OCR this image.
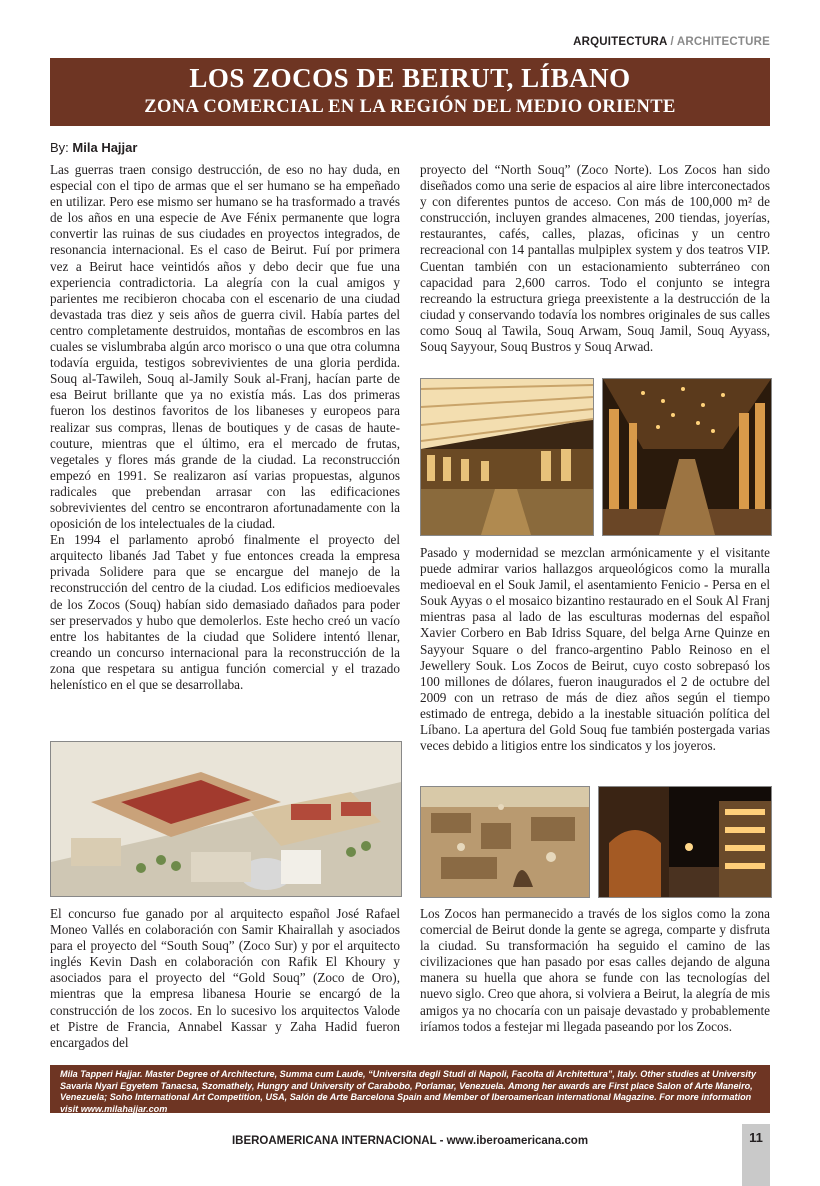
ARQUITECTURA / ARCHITECTURE
LOS ZOCOS DE BEIRUT, LÍBANO
ZONA COMERCIAL EN LA REGIÓN DEL MEDIO ORIENTE
By: Mila Hajjar

Las guerras traen consigo destrucción, de eso no hay duda, en especial con el tipo de armas que el ser humano se ha empeñado en utilizar. Pero ese mismo ser humano se ha trasformado a través de los años en una especie de Ave Fénix permanente que logra convertir las ruinas de sus ciudades en proyectos integrados, de resonancia internacional. Es el caso de Beirut. Fuí por primera vez a Beirut hace veintidós años y debo decir que fue una experiencia contradictoria. La alegría con la cual amigos y parientes me recibieron chocaba con el escenario de una ciudad devastada tras diez y seis años de guerra civil. Había partes del centro completamente destruidos, montañas de escombros en las cuales se vislumbraba algún arco morisco o una que otra columna todavía erguida, testigos sobrevivientes de una gloria perdida. Souq al-Tawileh, Souq al-Jamily Souk al-Franj, hacían parte de esa Beirut brillante que ya no existía más. Las dos primeras fueron los destinos favoritos de los libaneses y europeos para realizar sus compras, llenas de boutiques y de casas de haute-couture, mientras que el último, era el mercado de frutas, vegetales y flores más grande de la ciudad. La reconstrucción empezó en 1991. Se realizaron así varias propuestas, algunos radicales que prebendan arrasar con las edificaciones sobrevivientes del centro se encontraron afortunadamente con la oposición de los intelectuales de la ciudad.

En 1994 el parlamento aprobó finalmente el proyecto del arquitecto libanés Jad Tabet y fue entonces creada la empresa privada Solidere para que se encargue del manejo de la reconstrucción del centro de la ciudad. Los edificios medioevales de los Zocos (Souq) habían sido demasiado dañados para poder ser preservados y hubo que demolerlos. Este hecho creó un vacío entre los habitantes de la ciudad que Solidere intentó llenar, creando un concurso internacional para la reconstrucción de la zona que respetara su antigua función comercial y el trazado helenístico en el que se desarrollaba.

proyecto del “North Souq” (Zoco Norte). Los Zocos han sido diseñados como una serie de espacios al aire libre interconectados y con diferentes puntos de acceso. Con más de 100,000 m² de construcción, incluyen grandes almacenes, 200 tiendas, joyerías, restaurantes, cafés, calles, plazas, oficinas y un centro recreacional con 14 pantallas mulpiplex system y dos teatros VIP. Cuentan también con un estacionamiento subterráneo con capacidad para 2,600 carros. Todo el conjunto se integra recreando la estructura griega preexistente a la destrucción de la ciudad y conservando todavía los nombres originales de sus calles como Souq al Tawila, Souq Arwam, Souq Jamil, Souq Ayyass, Souq Sayyour, Souq Bustros y Souq Arwad.

Pasado y modernidad se mezclan armónicamente y el visitante puede admirar varios hallazgos arqueológicos como la muralla medioeval en el Souk Jamil, el asentamiento Fenicio - Persa en el Souk Ayyas o el mosaico bizantino restaurado en el Souk Al Franj mientras pasa al lado de las esculturas modernas del español Xavier Corbero en Bab Idriss Square, del belga Arne Quinze en Sayyour Square o del franco-argentino Pablo Reinoso en el Jewellery Souk. Los Zocos de Beirut, cuyo costo sobrepasó los 100 millones de dólares, fueron inaugurados el 2 de octubre del 2009 con un retraso de más de diez años según el tiempo estimado de entrega, debido a la inestable situación política del Líbano. La apertura del Gold Souq fue también postergada varias veces debido a litigios entre los sindicatos y los joyeros.

El concurso fue ganado por al arquitecto español José Rafael Moneo Vallés en colaboración con Samir Khairallah y asociados para el proyecto del “South Souq” (Zoco Sur) y por el arquitecto inglés Kevin Dash en colaboración con Rafik El Khoury y asociados para el proyecto del “Gold Souq” (Zoco de Oro), mientras que la empresa libanesa Hourie se encargó de la construcción de los zocos. En lo sucesivo los arquitectos Valode et Pistre de Francia, Annabel Kassar y Zaha Hadid fueron encargados del

Los Zocos han permanecido a través de los siglos como la zona comercial de Beirut donde la gente se agrega, comparte y disfruta la ciudad. Su transformación ha seguido el camino de las civilizaciones que han pasado por esas calles dejando de alguna manera su huella que ahora se funde con las tecnologías del nuevo siglo. Creo que ahora, si volviera a Beirut, la alegría de mis amigos ya no chocaría con un paisaje devastado y probablemente iríamos todos a festejar mi llegada paseando por los Zocos.

Mila Tapperi Hajjar. Master Degree of Architecture, Summa cum Laude, “Universita degli Studi di Napoli, Facolta di Architettura”, Italy. Other studies at University Savaria Nyari Egyetem Tanacsa, Szomathely, Hungry and University of Carabobo, Porlamar, Venezuela. Among her awards are First place Salon of Arte Maneiro, Venezuela; Soho International Art Competition, USA, Salón de Arte Barcelona Spain and Member of Iberoamerican international Magazine. For more information visit www.milahajjar.com
IBEROAMERICANA INTERNACIONAL - www.iberoamericana.com	11
